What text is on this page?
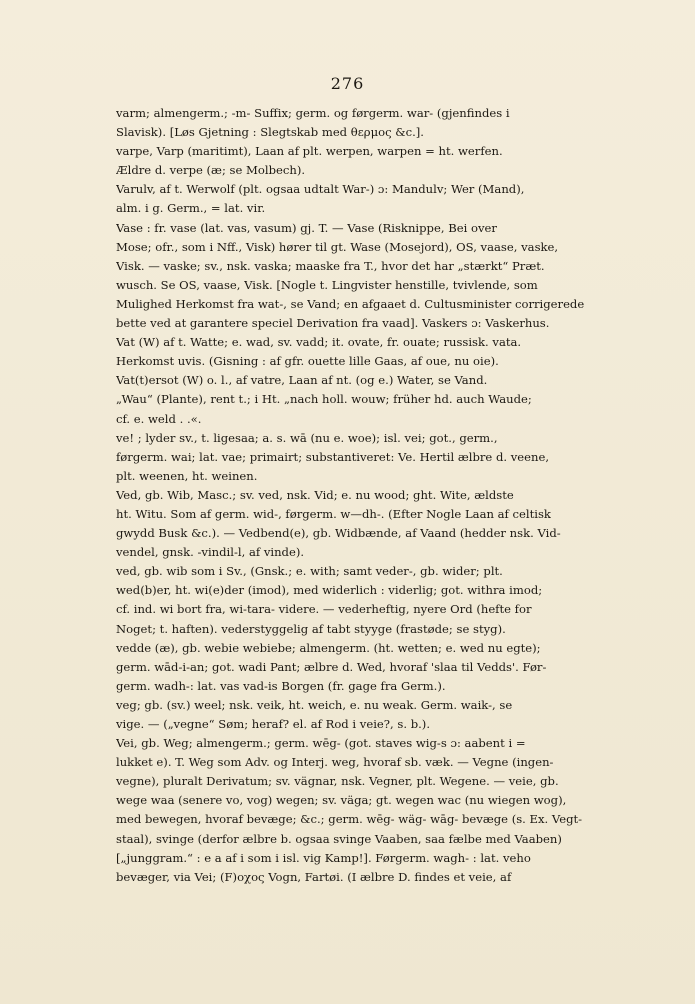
276
varm; almengerm.; -m- Suffix; germ. og førgerm. war- (gjenfindes i
Slavisk). [Løs Gjetning : Slegtskab med θερμος &c.].
varpe, Varp (maritimt), Laan af plt. werpen, warpen = ht. werfen.
Ældre d. verpe (æ; se Molbech).
Varulv, af t. Werwolf (plt. ogsaa udtalt War-) ɔ: Mandulv; Wer (Mand),
alm. i g. Germ., = lat. vir.
Vase : fr. vase (lat. vas, vasum) gj. T. — Vase (Risknippe, Bei over
Mose; ofr., som i Nff., Visk) hører til gt. Wase (Mosejord), OS, vaase, vaske,
Visk. — vaske; sv., nsk. vaska; maaske fra T., hvor det har „stærkt“ Præt.
wusch. Se OS, vaase, Visk. [Nogle t. Lingvister henstille, tvivlende, som
Mulighed Herkomst fra wat-, se Vand; en afgaaet d. Cultusminister corrigerede
bette ved at garantere speciel Derivation fra vaad]. Vaskers ɔ: Vaskerhus.
Vat (W) af t. Watte; e. wad, sv. vadd; it. ovate, fr. ouate; russisk. vata.
Herkomst uvis. (Gisning : af gfr. ouette lille Gaas, af oue, nu oie).
Vat(t)ersot (W) o. l., af vatre, Laan af nt. (og e.) Water, se Vand.
„Wau“ (Plante), rent t.; i Ht. „nach holl. wouw; früher hd. auch Waude;
cf. e. weld . .«.
ve! ; lyder sv., t. ligesaa; a. s. wā (nu e. woe); isl. vei; got., germ.,
førgerm. wai; lat. vae; primairt; substantiveret: Ve. Hertil ælbre d. veene,
plt. weenen, ht. weinen.
Ved, gb. Wib, Masc.; sv. ved, nsk. Vid; e. nu wood; ght. Wite, ældste
ht. Witu. Som af germ. wid-, førgerm. w—dh-. (Efter Nogle Laan af celtisk
gwydd Busk &c.). — Vedbend(e), gb. Widbænde, af Vaand (hedder nsk. Vid-
vendel, gnsk. -vindil-l, af vinde).
ved, gb. wib som i Sv., (Gnsk.; e. with; samt veder-, gb. wider; plt.
wed(b)er, ht. wi(e)der (imod), med widerlich : viderlig; got. withra imod;
cf. ind. wi bort fra, wi-tara- videre. — vederheftig, nyere Ord (hefte for
Noget; t. haften). vederstyggelig af tabt styyge (frastøde; se styg).
vedde (æ), gb. webie webiebe; almengerm. (ht. wetten; e. wed nu egte);
germ. wād-i-an; got. wadi Pant; ælbre d. Wed, hvoraf 'slaa til Vedds'. Før-
germ. wadh-: lat. vas vad-is Borgen (fr. gage fra Germ.).
veg; gb. (sv.) weel; nsk. veik, ht. weich, e. nu weak. Germ. waik-, se
vige. — („vegne“ Søm; heraf? el. af Rod i veie?, s. b.).
Vei, gb. Weg; almengerm.; germ. wēg- (got. staves wig-s ɔ: aabent i =
lukket e). T. Weg som Adv. og Interj. weg, hvoraf sb. væk. — Vegne (ingen-
vegne), pluralt Derivatum; sv. vägnar, nsk. Vegner, plt. Wegene. — veie, gb.
wege waa (senere vo, vog) wegen; sv. väga; gt. wegen wac (nu wiegen wog),
med bewegen, hvoraf bevæge; &c.; germ. wēg- wäg- wāg- bevæge (s. Ex. Vegt-
staal), svinge (derfor ælbre b. ogsaa svinge Vaaben, saa fælbe med Vaaben)
[„junggram.“ : e a af i som i isl. vig Kamp!]. Førgerm. wagh- : lat. veho
bevæger, via Vei; (F)οχος Vogn, Fartøi. (I ælbre D. findes et veie, af
